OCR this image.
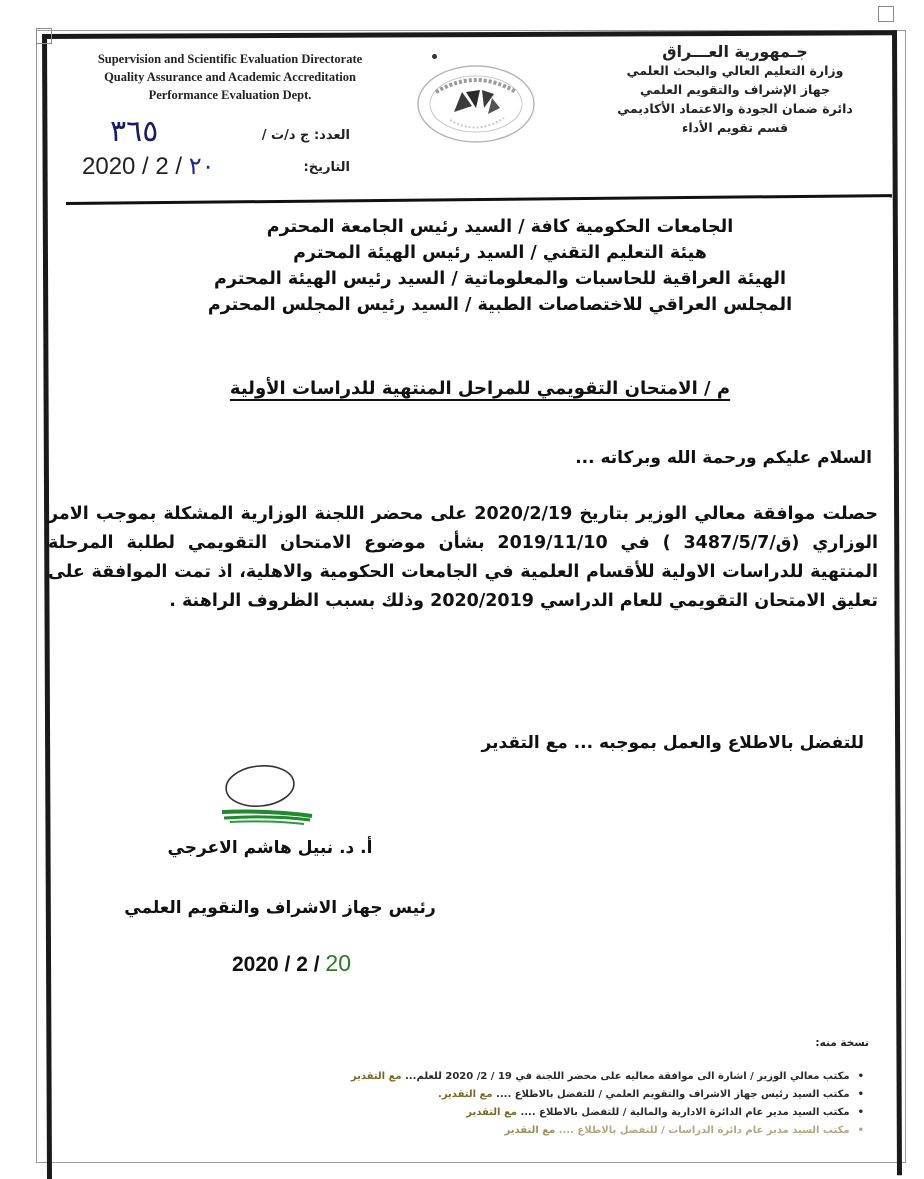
Supervision and Scientific Evaluation Directorate
Quality Assurance and Academic Accreditation
Performance Evaluation Dept.
جـمهورية العـــراق
وزارة التعليم العالي والبحث العلمي
جهاز الإشراف والتقويم العلمي
دائرة ضمان الجودة والاعتماد الأكاديمي
قسم تقويم الأداء
٣٦٥	العدد: ج د/ت /
2020 / 2 / ٢٠	التاريخ:
الجامعات الحكومية كافة / السيد رئيس الجامعة المحترم
هيئة التعليم التقني / السيد رئيس الهيئة المحترم
الهيئة العراقية للحاسبات والمعلوماتية / السيد رئيس الهيئة المحترم
المجلس العراقي للاختصاصات الطبية / السيد رئيس المجلس المحترم
م / الامتحان التقويمي للمراحل المنتهية للدراسات الأولية
السلام عليكم ورحمة الله وبركاته ...
حصلت موافقة معالي الوزير بتاريخ 2020/2/19 على محضر اللجنة الوزارية المشكلة بموجب الامر الوزاري (ق/3487/5/7 ) في 2019/11/10 بشأن موضوع الامتحان التقويمي لطلبة المرحلة المنتهية للدراسات الاولية للأقسام العلمية في الجامعات الحكومية والاهلية، اذ تمت الموافقة على تعليق الامتحان التقويمي للعام الدراسي 2020/2019 وذلك بسبب الظروف الراهنة .
للتفضل بالاطلاع والعمل بموجبه ... مع التقدير
أ. د. نبيل هاشم الاعرجي
رئيس جهاز الاشراف والتقويم العلمي
2020 / 2 / 20
نسخة منه:
•مكتب معالي الوزير / اشارة الى موافقة معاليه على محضر اللجنة في 19 / 2/ 2020 للعلم... مع التقدير
•مكتب السيد رئيس جهاز الاشراف والتقويم العلمي / للتفضل بالاطلاع .... مع التقدير.
•مكتب السيد مدير عام الدائرة الادارية والمالية / للتفضل بالاطلاع .... مع التقدير
•مكتب السيد مدير عام دائرة الدراسات / للتفضل بالاطلاع .... مع التقدير
